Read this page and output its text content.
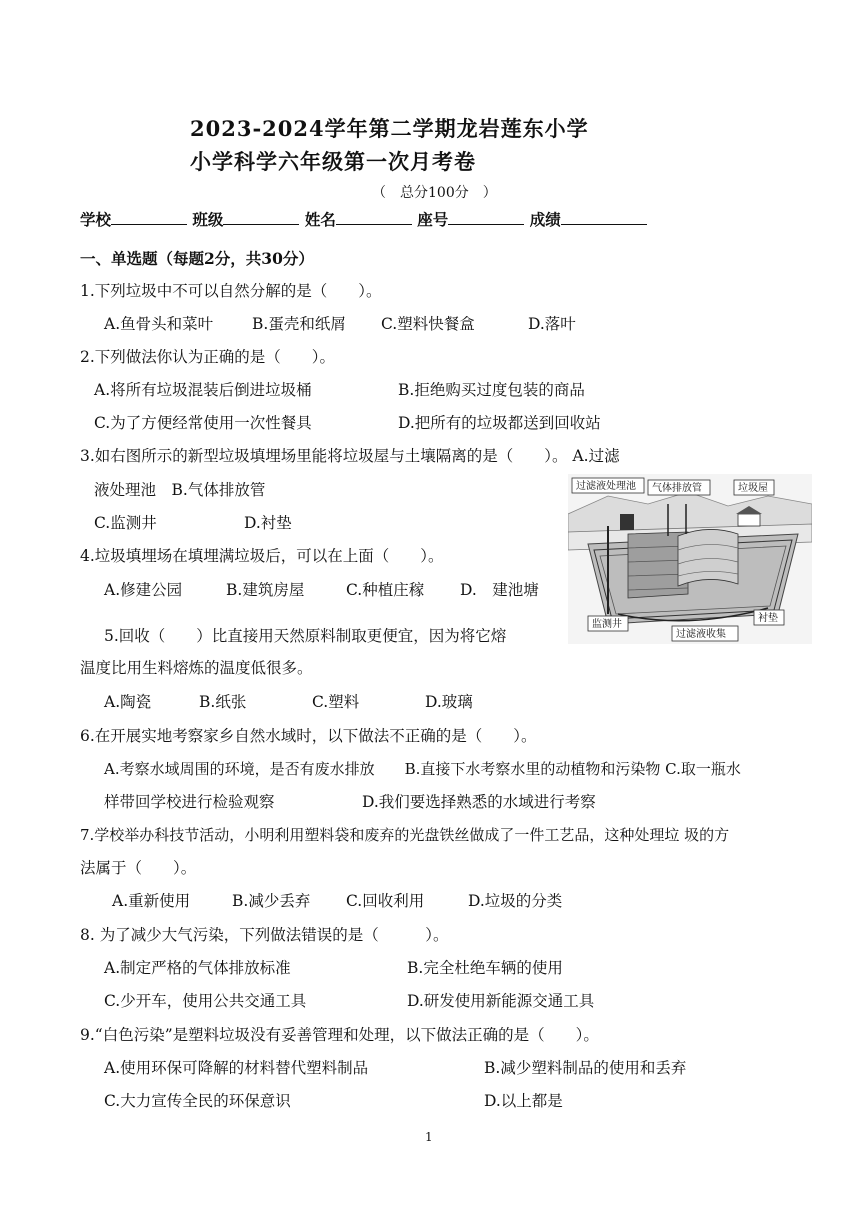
2023-2024学年第二学期龙岩莲东小学
小学科学六年级第一次月考卷
（　总分100分　）
学校	班级	姓名	座号	成绩
一、单选题（每题2分，共30分）
1.下列垃圾中不可以自然分解的是（　　）。
A.鱼骨头和菜叶	B.蛋壳和纸屑 C.塑料快餐盒	D.落叶
2.下列做法你认为正确的是（　　）。
A.将所有垃圾混装后倒进垃圾桶	B.拒绝购买过度包装的商品
C.为了方便经常使用一次性餐具	D.把所有的垃圾都送到回收站
3.如右图所示的新型垃圾填埋场里能将垃圾屋与土壤隔离的是（　　）。 A.过滤
液处理池　B.气体排放管
C.监测井	D.衬垫
过滤液处理池 气体排放管	垃圾屋
监测井
过滤液收集
衬垫
4.垃圾填埋场在填埋满垃圾后，可以在上面（　　）。
A.修建公园	B.建筑房屋	C.种植庄稼 D.　建池塘
5.回收（　　）比直接用天然原料制取更便宜，因为将它熔
温度比用生料熔炼的温度低很多。
A.陶瓷	B.纸张	C.塑料	D.玻璃
6.在开展实地考察家乡自然水域时，以下做法不正确的是（　　）。
A.考察水域周围的环境，是否有废水排放　　B.直接下水考察水里的动植物和污染物 C.取一瓶水
样带回学校进行检验观察	D.我们要选择熟悉的水域进行考察
7.学校举办科技节活动，小明利用塑料袋和废弃的光盘铁丝做成了一件工艺品，这种处理垃 圾的方
法属于（　　）。
A.重新使用	B.减少丢弃 C.回收利用	D.垃圾的分类
8. 为了减少大气污染，下列做法错误的是（　　　）。
A.制定严格的气体排放标准	B.完全杜绝车辆的使用
C.少开车，使用公共交通工具	D.研发使用新能源交通工具
9.“白色污染”是塑料垃圾没有妥善管理和处理，以下做法正确的是（　　）。
A.使用环保可降解的材料替代塑料制品	B.减少塑料制品的使用和丢弃
C.大力宣传全民的环保意识	D.以上都是
1
